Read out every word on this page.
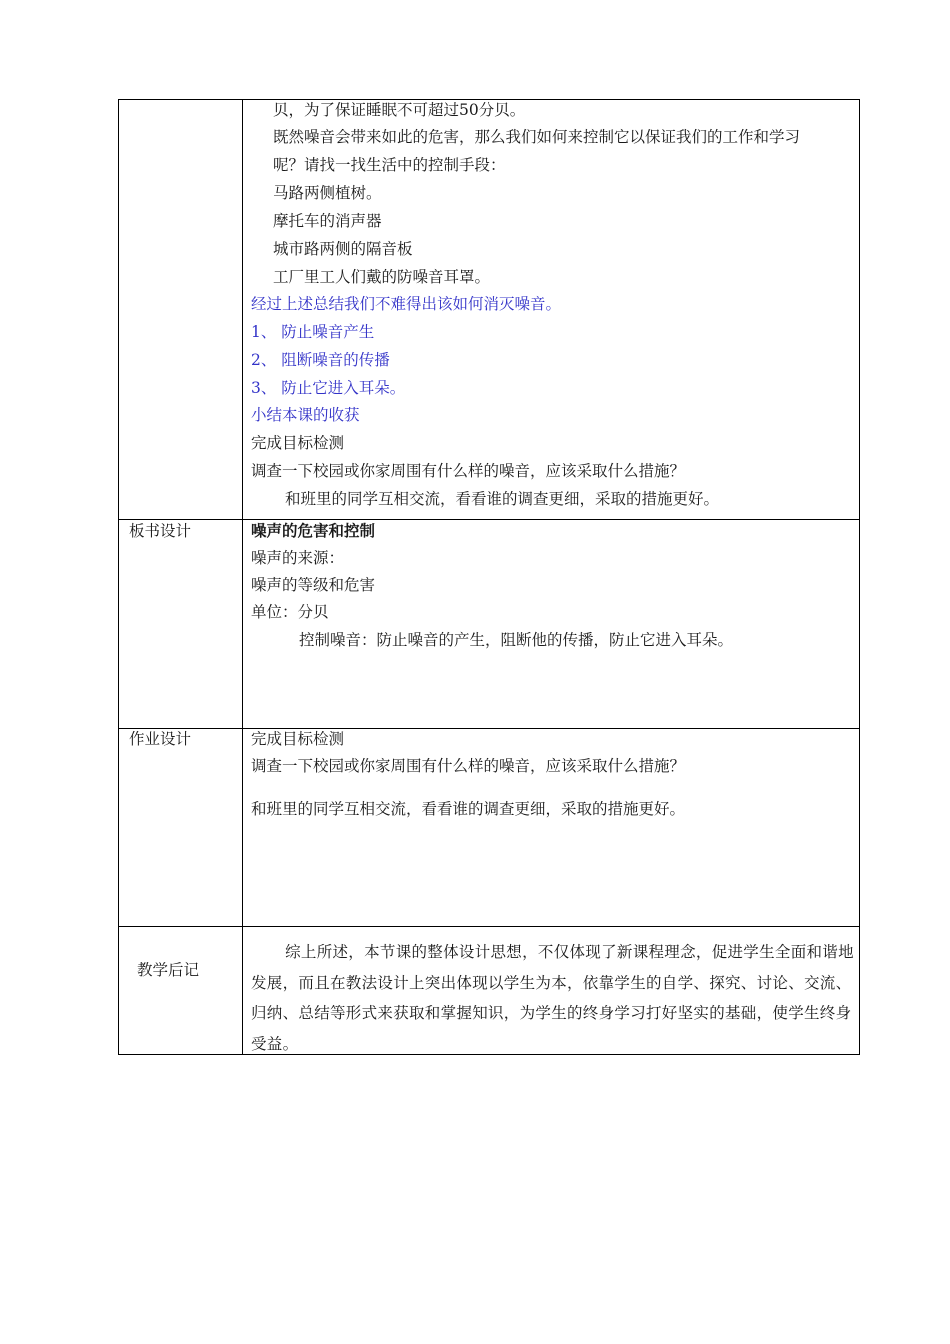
贝，为了保证睡眠不可超过50分贝。
既然噪音会带来如此的危害，那么我们如何来控制它以保证我们的工作和学习
呢？请找一找生活中的控制手段：
马路两侧植树。
摩托车的消声器
城市路两侧的隔音板
工厂里工人们戴的防噪音耳罩。
经过上述总结我们不难得出该如何消灭噪音。
1、 防止噪音产生
2、 阻断噪音的传播
3、 防止它进入耳朵。
小结本课的收获
完成目标检测
调查一下校园或你家周围有什么样的噪音，应该采取什么措施？
和班里的同学互相交流，看看谁的调查更细，采取的措施更好。
板书设计	噪声的危害和控制
噪声的来源：
噪声的等级和危害
单位：分贝
控制噪音：防止噪音的产生，阻断他的传播，防止它进入耳朵。
作业设计	完成目标检测
调查一下校园或你家周围有什么样的噪音，应该采取什么措施？
和班里的同学互相交流，看看谁的调查更细，采取的措施更好。
教学后记
综上所述，本节课的整体设计思想，不仅体现了新课程理念，促进学生全面和谐地发展，而且在教法设计上突出体现以学生为本，依靠学生的自学、探究、讨论、交流、归纳、总结等形式来获取和掌握知识，为学生的终身学习打好坚实的基础，使学生终身受益。
